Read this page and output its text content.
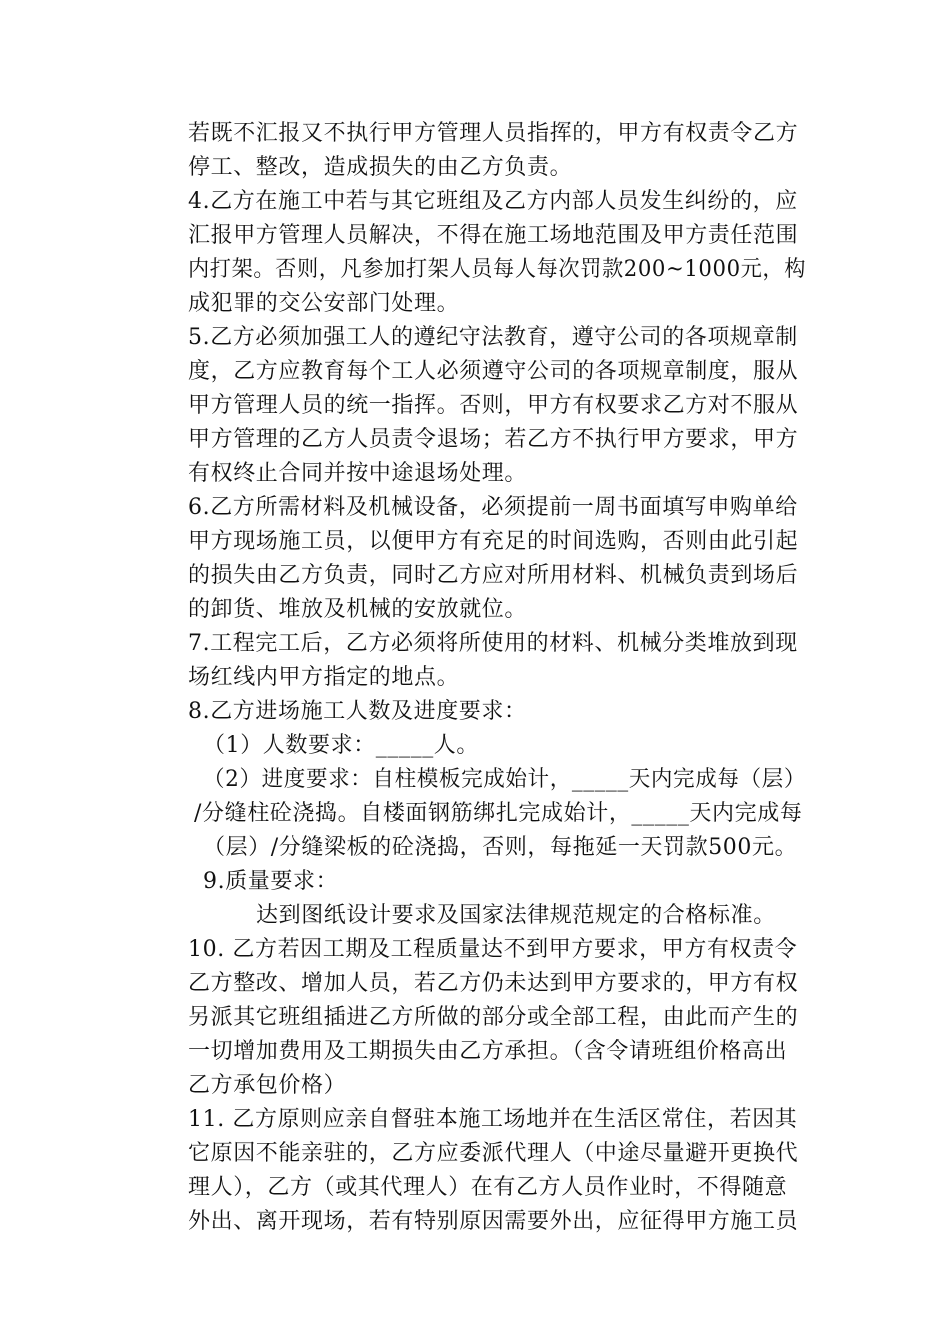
若既不汇报又不执行甲方管理人员指挥的，甲方有权责令乙方
停工、整改，造成损失的由乙方负责。
4.乙方在施工中若与其它班组及乙方内部人员发生纠纷的，应
汇报甲方管理人员解决，不得在施工场地范围及甲方责任范围
内打架。否则，凡参加打架人员每人每次罚款200~1000元，构
成犯罪的交公安部门处理。
5.乙方必须加强工人的遵纪守法教育，遵守公司的各项规章制
度，乙方应教育每个工人必须遵守公司的各项规章制度，服从
甲方管理人员的统一指挥。否则，甲方有权要求乙方对不服从
甲方管理的乙方人员责令退场；若乙方不执行甲方要求，甲方
有权终止合同并按中途退场处理。
6.乙方所需材料及机械设备，必须提前一周书面填写申购单给
甲方现场施工员，以便甲方有充足的时间选购，否则由此引起
的损失由乙方负责，同时乙方应对所用材料、机械负责到场后
的卸货、堆放及机械的安放就位。
7.工程完工后，乙方必须将所使用的材料、机械分类堆放到现
场红线内甲方指定的地点。
8.乙方进场施工人数及进度要求：
（1）人数要求：_____人。
（2）进度要求：自柱模板完成始计，_____天内完成每（层）
/分缝柱砼浇捣。自楼面钢筋绑扎完成始计，_____天内完成每
（层）/分缝梁板的砼浇捣，否则，每拖延一天罚款500元。
9.质量要求：
达到图纸设计要求及国家法律规范规定的合格标准。
10. 乙方若因工期及工程质量达不到甲方要求，甲方有权责令
乙方整改、增加人员，若乙方仍未达到甲方要求的，甲方有权
另派其它班组插进乙方所做的部分或全部工程，由此而产生的
一切增加费用及工期损失由乙方承担。（含令请班组价格高出
乙方承包价格）
11. 乙方原则应亲自督驻本施工场地并在生活区常住，若因其
它原因不能亲驻的，乙方应委派代理人（中途尽量避开更换代
理人），乙方（或其代理人）在有乙方人员作业时，不得随意
外出、离开现场，若有特别原因需要外出，应征得甲方施工员
